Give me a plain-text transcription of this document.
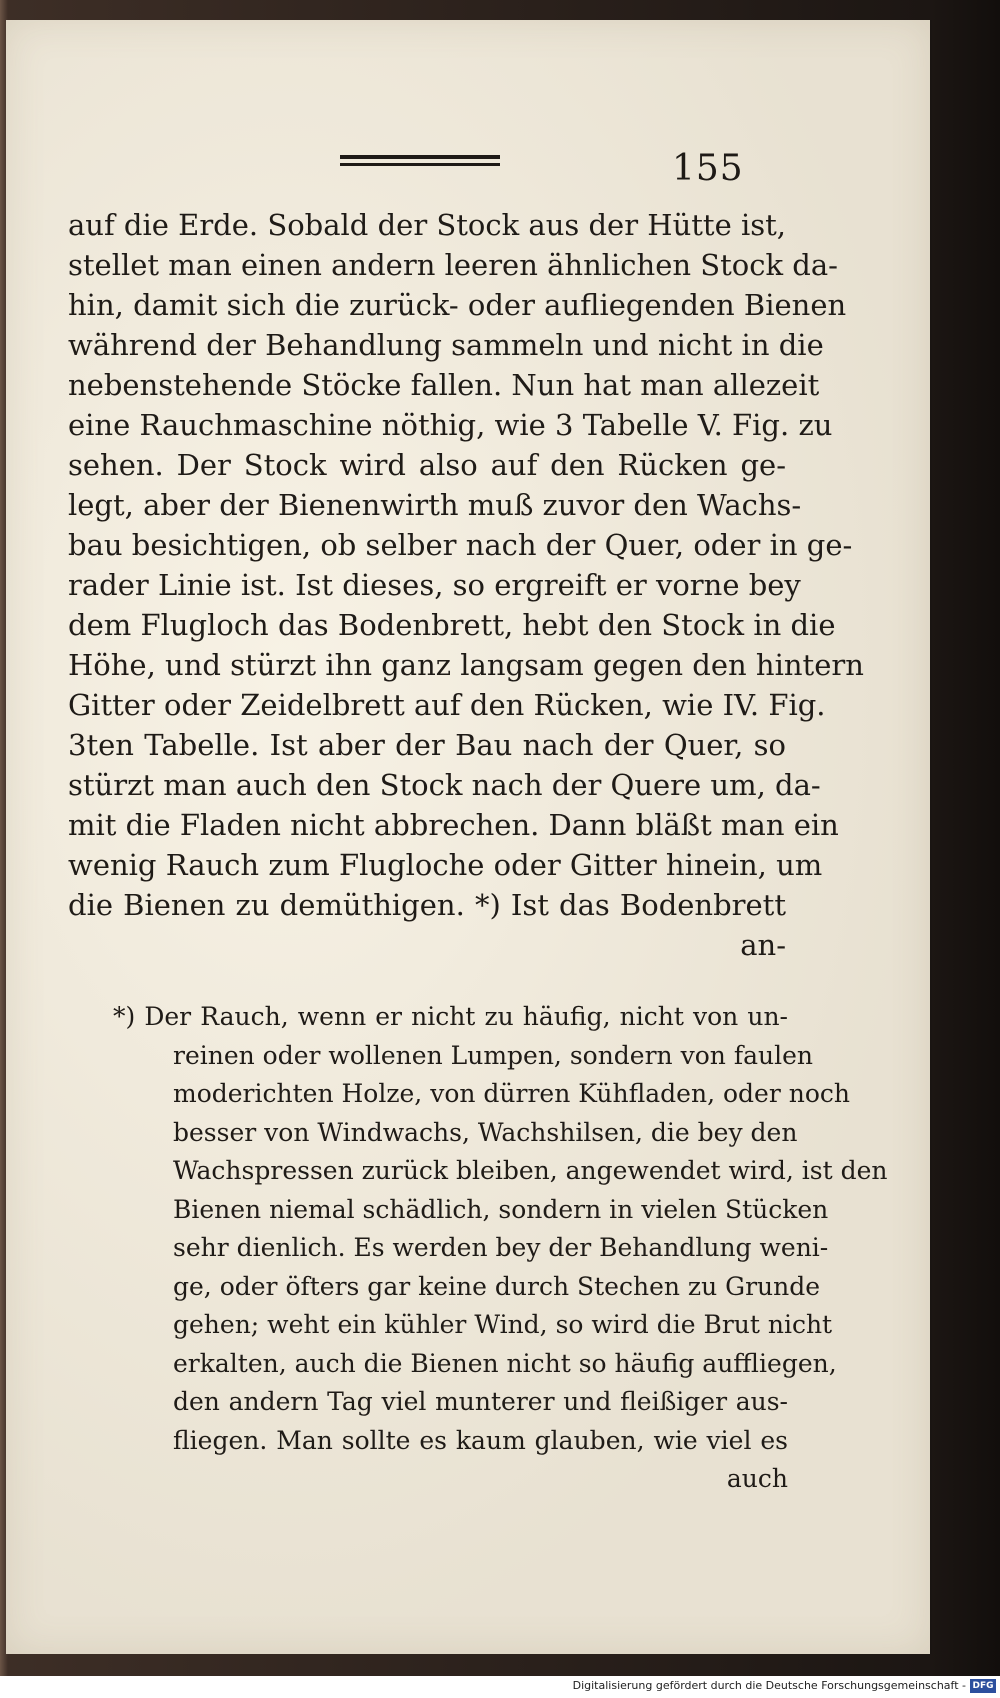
155
auf die Erde. Sobald der Stock aus der Hütte ist,
stellet man einen andern leeren ähnlichen Stock da-
hin, damit sich die zurück- oder aufliegenden Bienen
während der Behandlung sammeln und nicht in die
nebenstehende Stöcke fallen. Nun hat man allezeit
eine Rauchmaschine nöthig, wie 3 Tabelle V. Fig. zu
sehen. Der Stock wird also auf den Rücken ge-
legt, aber der Bienenwirth muß zuvor den Wachs-
bau besichtigen, ob selber nach der Quer, oder in ge-
rader Linie ist. Ist dieses, so ergreift er vorne bey
dem Flugloch das Bodenbrett, hebt den Stock in die
Höhe, und stürzt ihn ganz langsam gegen den hintern
Gitter oder Zeidelbrett auf den Rücken, wie IV. Fig.
3ten Tabelle. Ist aber der Bau nach der Quer, so
stürzt man auch den Stock nach der Quere um, da-
mit die Fladen nicht abbrechen. Dann bläßt man ein
wenig Rauch zum Flugloche oder Gitter hinein, um
die Bienen zu demüthigen. *) Ist das Bodenbrett
an-
*) Der Rauch, wenn er nicht zu häufig, nicht von un-
reinen oder wollenen Lumpen, sondern von faulen
moderichten Holze, von dürren Kühfladen, oder noch
besser von Windwachs, Wachshilsen, die bey den
Wachspressen zurück bleiben, angewendet wird, ist den
Bienen niemal schädlich, sondern in vielen Stücken
sehr dienlich. Es werden bey der Behandlung weni-
ge, oder öfters gar keine durch Stechen zu Grunde
gehen; weht ein kühler Wind, so wird die Brut nicht
erkalten, auch die Bienen nicht so häufig auffliegen,
den andern Tag viel munterer und fleißiger aus-
fliegen. Man sollte es kaum glauben, wie viel es
auch
Digitalisierung gefördert durch die Deutsche Forschungsgemeinschaft - DFG
